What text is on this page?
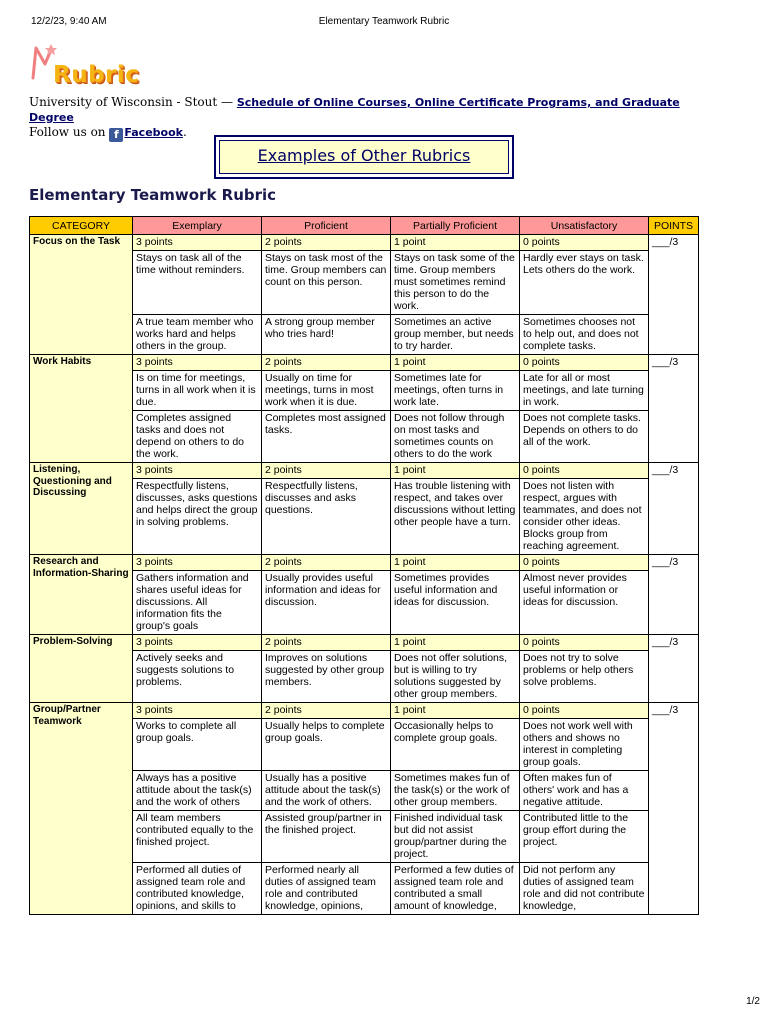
12/2/23, 9:40 AM	Elementary Teamwork Rubric
Rubric
University of Wisconsin - Stout — Schedule of Online Courses, Online Certificate Programs, and Graduate Degree
Follow us on f Facebook.
Examples of Other Rubrics
Elementary Teamwork Rubric
CATEGORY	Exemplary	Proficient	Partially Proficient	Unsatisfactory	POINTS
Focus on the Task	3 points	2 points	1 point	0 points	___/3
	Stays on task all of the time without reminders.	Stays on task most of the time. Group members can count on this person.	Stays on task some of the time. Group members must sometimes remind this person to do the work.	Hardly ever stays on task. Lets others do the work.	
	A true team member who works hard and helps others in the group.	A strong group member who tries hard!	Sometimes an active group member, but needs to try harder.	Sometimes chooses not to help out, and does not complete tasks.	
Work Habits	3 points	2 points	1 point	0 points	___/3
	Is on time for meetings, turns in all work when it is due.	Usually on time for meetings, turns in most work when it is due.	Sometimes late for meetings, often turns in work late.	Late for all or most meetings, and late turning in work.	
	Completes assigned tasks and does not depend on others to do the work.	Completes most assigned tasks.	Does not follow through on most tasks and sometimes counts on others to do the work	Does not complete tasks. Depends on others to do all of the work.	
Listening, Questioning and Discussing	3 points	2 points	1 point	0 points	___/3
	Respectfully listens, discusses, asks questions and helps direct the group in solving problems.	Respectfully listens, discusses and asks questions.	Has trouble listening with respect, and takes over discussions without letting other people have a turn.	Does not listen with respect, argues with teammates, and does not consider other ideas. Blocks group from reaching agreement.	
Research and Information-Sharing	3 points	2 points	1 point	0 points	___/3
	Gathers information and shares useful ideas for discussions. All information fits the group's goals	Usually provides useful information and ideas for discussion.	Sometimes provides useful information and ideas for discussion.	Almost never provides useful information or ideas for discussion.	
Problem-Solving	3 points	2 points	1 point	0 points	___/3
	Actively seeks and suggests solutions to problems.	Improves on solutions suggested by other group members.	Does not offer solutions, but is willing to try solutions suggested by other group members.	Does not try to solve problems or help others solve problems.	
Group/Partner Teamwork	3 points	2 points	1 point	0 points	___/3
	Works to complete all group goals.	Usually helps to complete group goals.	Occasionally helps to complete group goals.	Does not work well with others and shows no interest in completing group goals.	
	Always has a positive attitude about the task(s) and the work of others	Usually has a positive attitude about the task(s) and the work of others.	Sometimes makes fun of the task(s) or the work of other group members.	Often makes fun of others' work and has a negative attitude.	
	All team members contributed equally to the finished project.	Assisted group/partner in the finished project.	Finished individual task but did not assist group/partner during the project.	Contributed little to the group effort during the project.	
	Performed all duties of assigned team role and contributed knowledge, opinions, and skills to	Performed nearly all duties of assigned team role and contributed knowledge, opinions,	Performed a few duties of assigned team role and contributed a small amount of knowledge,	Did not perform any duties of assigned team role and did not contribute knowledge,	
1/2
